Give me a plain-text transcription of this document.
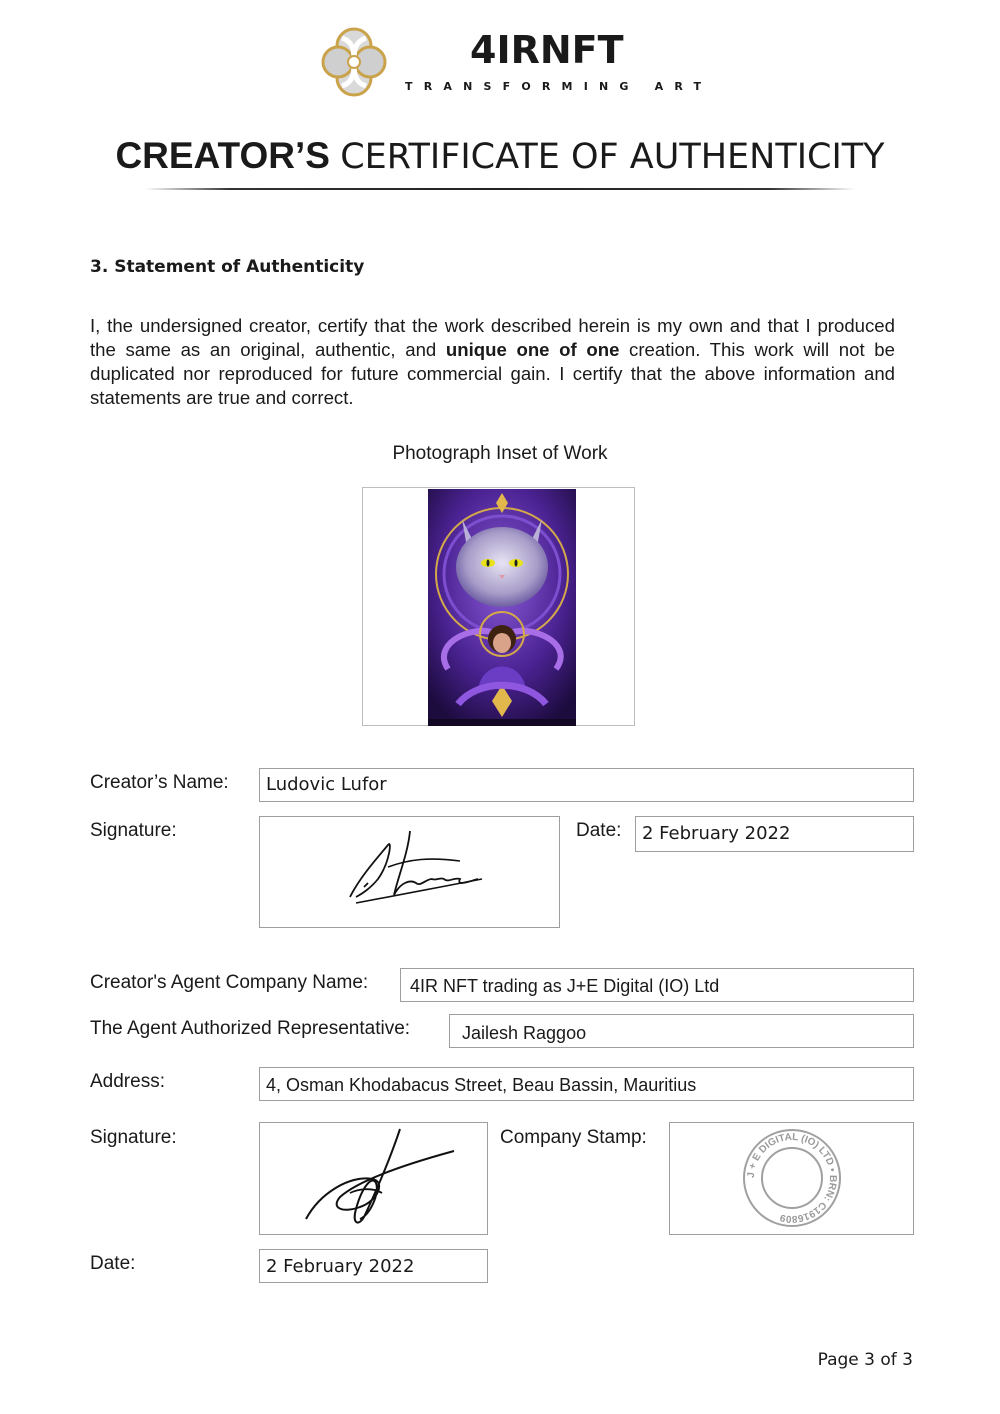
4IRNFT
TRANSFORMING ART
CREATOR’S CERTIFICATE OF AUTHENTICITY
3. Statement of Authenticity
I, the undersigned creator, certify that the work described herein is my own and that I produced the same as an original, authentic, and unique one of one creation. This work will not be duplicated nor reproduced for future commercial gain. I certify that the above information and statements are true and correct.
Photograph Inset of Work
Creator’s Name:	Ludovic Lufor
Signature:	Date:	2 February 2022
Creator's Agent Company Name:	4IR NFT trading as J+E Digital (IO) Ltd
The Agent Authorized Representative:	Jailesh Raggoo
Address:	4, Osman Khodabacus Street, Beau Bassin, Mauritius
Signature:	Company Stamp:
J + E DIGITAL (IO) LTD • BRN: C1916809
Date:	2 February 2022
Page 3 of 3
